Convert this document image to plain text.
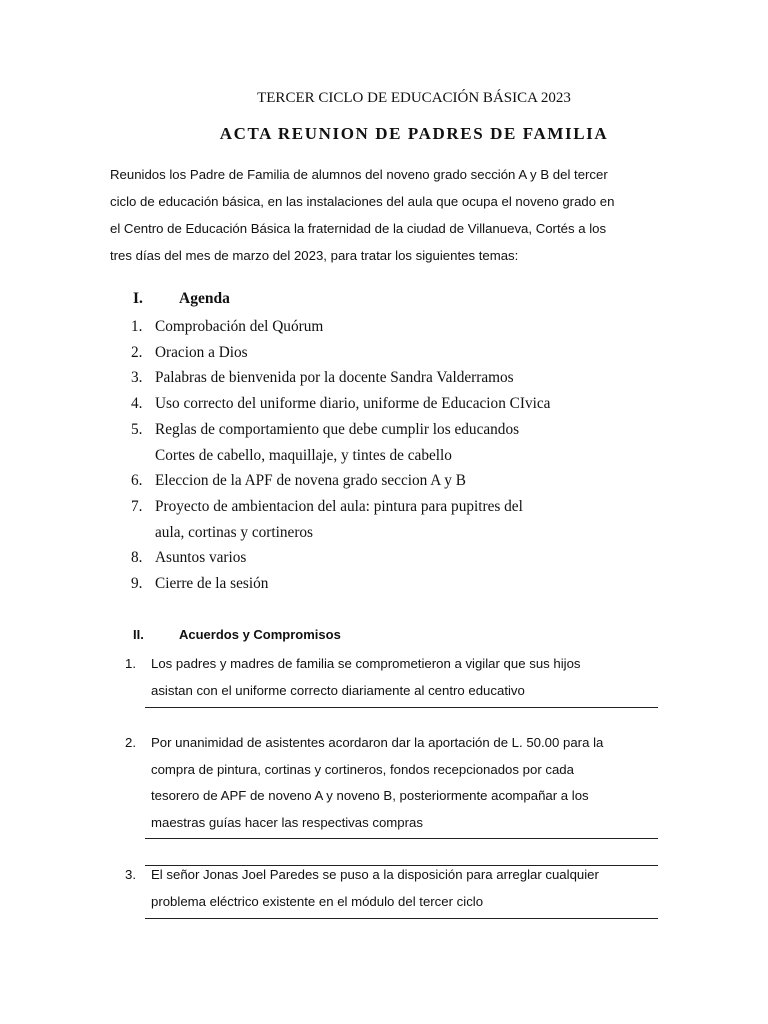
TERCER CICLO DE EDUCACIÓN BÁSICA 2023
ACTA REUNION DE PADRES DE FAMILIA

Reunidos los Padre de Familia de alumnos del noveno grado sección A y B del tercer

ciclo de educación básica, en las instalaciones del aula que ocupa el noveno grado en

el Centro de Educación Básica la fraternidad de la ciudad de Villanueva, Cortés a los

tres días del mes de marzo del 2023, para tratar los siguientes temas:

I. Agenda
1. Comprobación del Quórum
2. Oracion a Dios
3. Palabras de bienvenida por la docente Sandra Valderramos
4. Uso correcto del uniforme diario, uniforme de Educacion CIvica
5. Reglas de comportamiento que debe cumplir los educandos
Cortes de cabello, maquillaje, y tintes de cabello
6. Eleccion de la APF de novena grado seccion A y B
7. Proyecto de ambientacion del aula: pintura para pupitres del
aula, cortinas y cortineros
8. Asuntos varios
9. Cierre de la sesión
II.	Acuerdos y Compromisos
1. Los padres y madres de familia se comprometieron a vigilar que sus hijos
asistan con el uniforme correcto diariamente al centro educativo
2. Por unanimidad de asistentes acordaron dar la aportación de L. 50.00 para la
compra de pintura, cortinas y cortineros, fondos recepcionados por cada
tesorero de APF de noveno A y noveno B, posteriormente acompañar a los
maestras guías hacer las respectivas compras
3. El señor Jonas Joel Paredes se puso a la disposición para arreglar cualquier
problema eléctrico existente en el módulo del tercer ciclo
